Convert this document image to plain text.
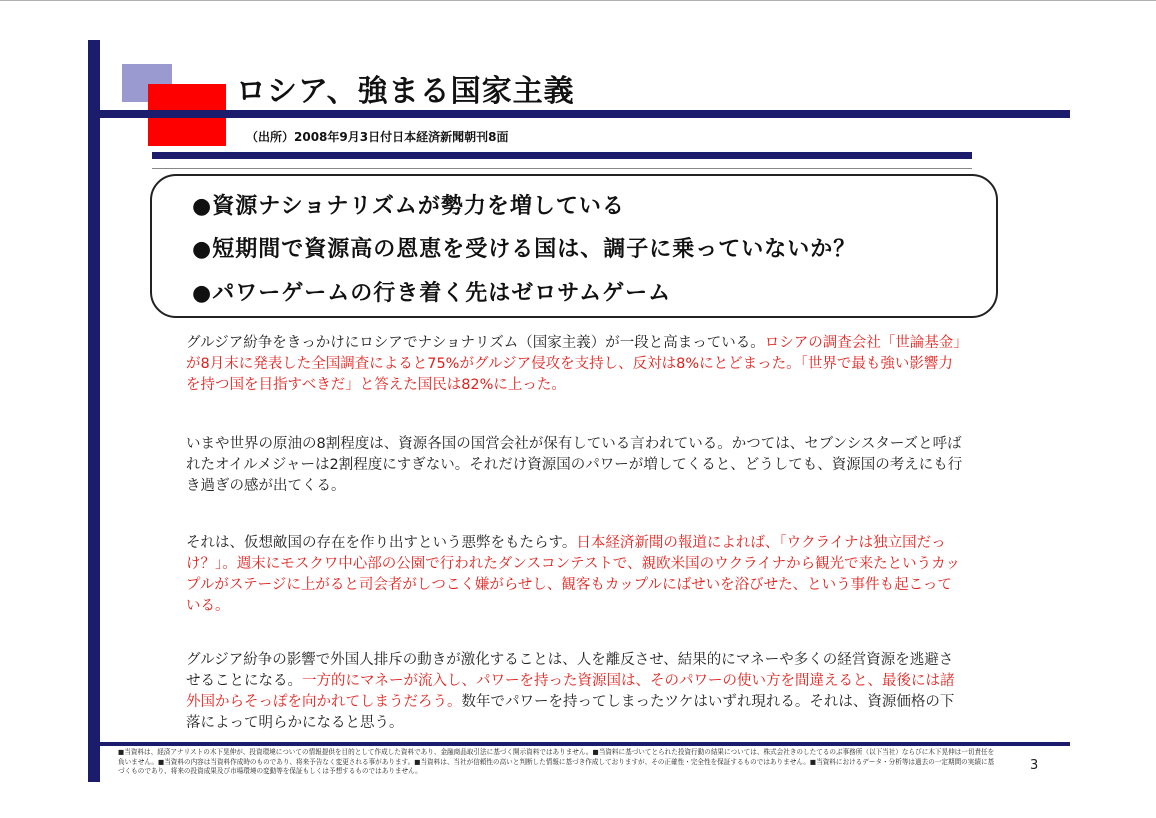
ロシア、強まる国家主義
（出所）2008年9月3日付日本経済新聞朝刊8面
●資源ナショナリズムが勢力を増している
●短期間で資源高の恩恵を受ける国は、調子に乗っていないか？
●パワーゲームの行き着く先はゼロサムゲーム
グルジア紛争をきっかけにロシアでナショナリズム（国家主義）が一段と高まっている。ロシアの調査会社「世論基金」が8月末に発表した全国調査によると75%がグルジア侵攻を支持し、反対は8%にとどまった。「世界で最も強い影響力を持つ国を目指すべきだ」と答えた国民は82%に上った。
いまや世界の原油の8割程度は、資源各国の国営会社が保有している言われている。かつては、セブンシスターズと呼ばれたオイルメジャーは2割程度にすぎない。それだけ資源国のパワーが増してくると、どうしても、資源国の考えにも行き過ぎの感が出てくる。
それは、仮想敵国の存在を作り出すという悪弊をもたらす。日本経済新聞の報道によれば、「ウクライナは独立国だっけ？」。週末にモスクワ中心部の公園で行われたダンスコンテストで、親欧米国のウクライナから観光で来たというカップルがステージに上がると司会者がしつこく嫌がらせし、観客もカップルにばせいを浴びせた、という事件も起こっている。
グルジア紛争の影響で外国人排斥の動きが激化することは、人を離反させ、結果的にマネーや多くの経営資源を逃避させることになる。一方的にマネーが流入し、パワーを持った資源国は、そのパワーの使い方を間違えると、最後には諸外国からそっぽを向かれてしまうだろう。数年でパワーを持ってしまったツケはいずれ現れる。それは、資源価格の下落によって明らかになると思う。
■当資料は、経済アナリストの木下晃伸が、投資環境についての情報提供を目的として作成した資料であり、金融商品取引法に基づく開示資料ではありません。■当資料に基づいてとられた投資行動の結果については、株式会社きのしたてるのぶ事務所（以下当社）ならびに木下晃伸は一切責任を負いません。■当資料の内容は当資料作成時のものであり、将来予告なく変更される事があります。■当資料は、当社が信頼性の高いと判断した情報に基づき作成しておりますが、その正確性・完全性を保証するものではありません。■当資料におけるデータ・分析等は過去の一定期間の実績に基づくものであり、将来の投資成果及び市場環境の変動等を保証もしくは予想するものではありません。	3
